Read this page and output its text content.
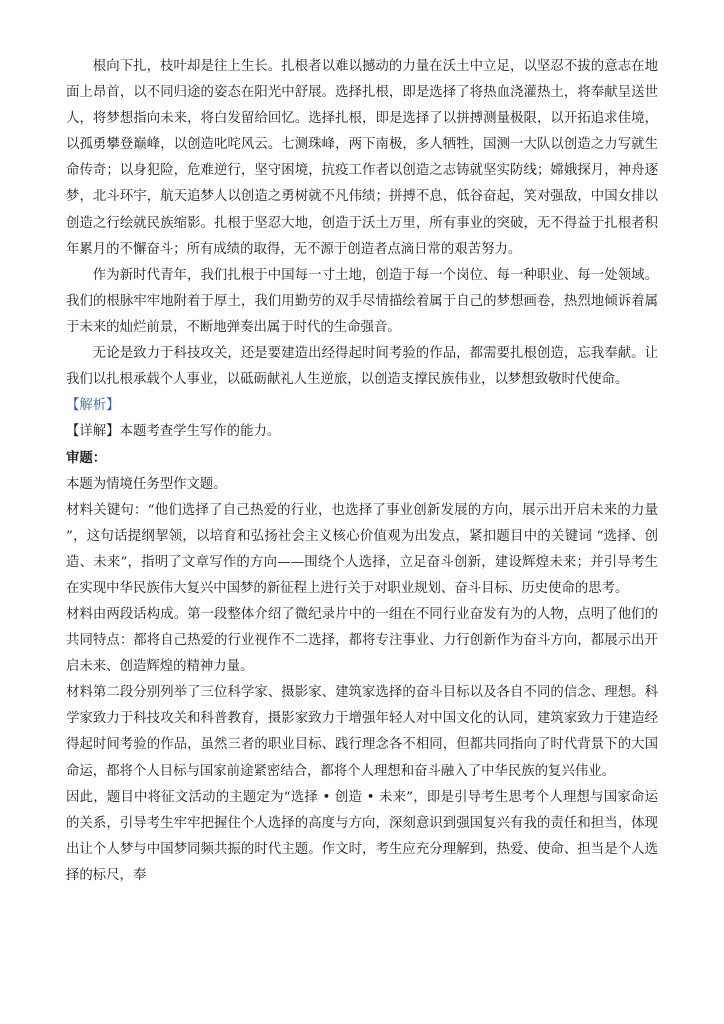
根向下扎，枝叶却是往上生长。扎根者以难以撼动的力量在沃土中立足，以坚忍不拔的意志在地面上昂首，以不同归途的姿态在阳光中舒展。选择扎根，即是选择了将热血浇灌热土，将奉献呈送世人，将梦想指向未来，将白发留给回忆。选择扎根，即是选择了以拼搏测量极限，以开拓追求佳境，以孤勇攀登巅峰，以创造叱咤风云。七测珠峰，两下南极，多人牺牲，国测一大队以创造之力写就生命传奇；以身犯险，危难逆行，坚守困境，抗疫工作者以创造之志铸就坚实防线；嫦娥探月，神舟逐梦，北斗环宇，航天追梦人以创造之勇树就不凡伟绩；拼搏不息，低谷奋起，笑对强敌，中国女排以创造之行绘就民族缩影。扎根于坚忍大地，创造于沃土万里，所有事业的突破，无不得益于扎根者积年累月的不懈奋斗；所有成绩的取得，无不源于创造者点滴日常的艰苦努力。

作为新时代青年，我们扎根于中国每一寸土地，创造于每一个岗位、每一种职业、每一处领域。我们的根脉牢牢地附着于厚土，我们用勤劳的双手尽情描绘着属于自己的梦想画卷，热烈地倾诉着属于未来的灿烂前景，不断地弹奏出属于时代的生命强音。

无论是致力于科技攻关，还是要建造出经得起时间考验的作品，都需要扎根创造，忘我奉献。让我们以扎根承载个人事业，以砥砺献礼人生逆旅，以创造支撑民族伟业，以梦想致敬时代使命。

【解析】

【详解】本题考查学生写作的能力。

审题：

本题为情境任务型作文题。

材料关键句：“他们选择了自己热爱的行业，也选择了事业创新发展的方向，展示出开启未来的力量 ”，这句话提纲挈领，以培育和弘扬社会主义核心价值观为出发点，紧扣题目中的关键词 “选择、创造、未来”，指明了文章写作的方向——围绕个人选择，立足奋斗创新，建设辉煌未来；并引导考生在实现中华民族伟大复兴中国梦的新征程上进行关于对职业规划、奋斗目标、历史使命的思考。

材料由两段话构成。第一段整体介绍了微纪录片中的一组在不同行业奋发有为的人物，点明了他们的共同特点：都将自己热爱的行业视作不二选择，都将专注事业、力行创新作为奋斗方向，都展示出开启未来、创造辉煌的精神力量。

材料第二段分别列举了三位科学家、摄影家、建筑家选择的奋斗目标以及各自不同的信念、理想。科学家致力于科技攻关和科普教育，摄影家致力于增强年轻人对中国文化的认同，建筑家致力于建造经得起时间考验的作品，虽然三者的职业目标、践行理念各不相同，但都共同指向了时代背景下的大国命运，都将个人目标与国家前途紧密结合，都将个人理想和奋斗融入了中华民族的复兴伟业。

因此，题目中将征文活动的主题定为“选择 • 创造 • 未来”，即是引导考生思考个人理想与国家命运的关系，引导考生牢牢把握住个人选择的高度与方向，深刻意识到强国复兴有我的责任和担当，体现出让个人梦与中国梦同频共振的时代主题。作文时，考生应充分理解到，热爱、使命、担当是个人选择的标尺，奉
